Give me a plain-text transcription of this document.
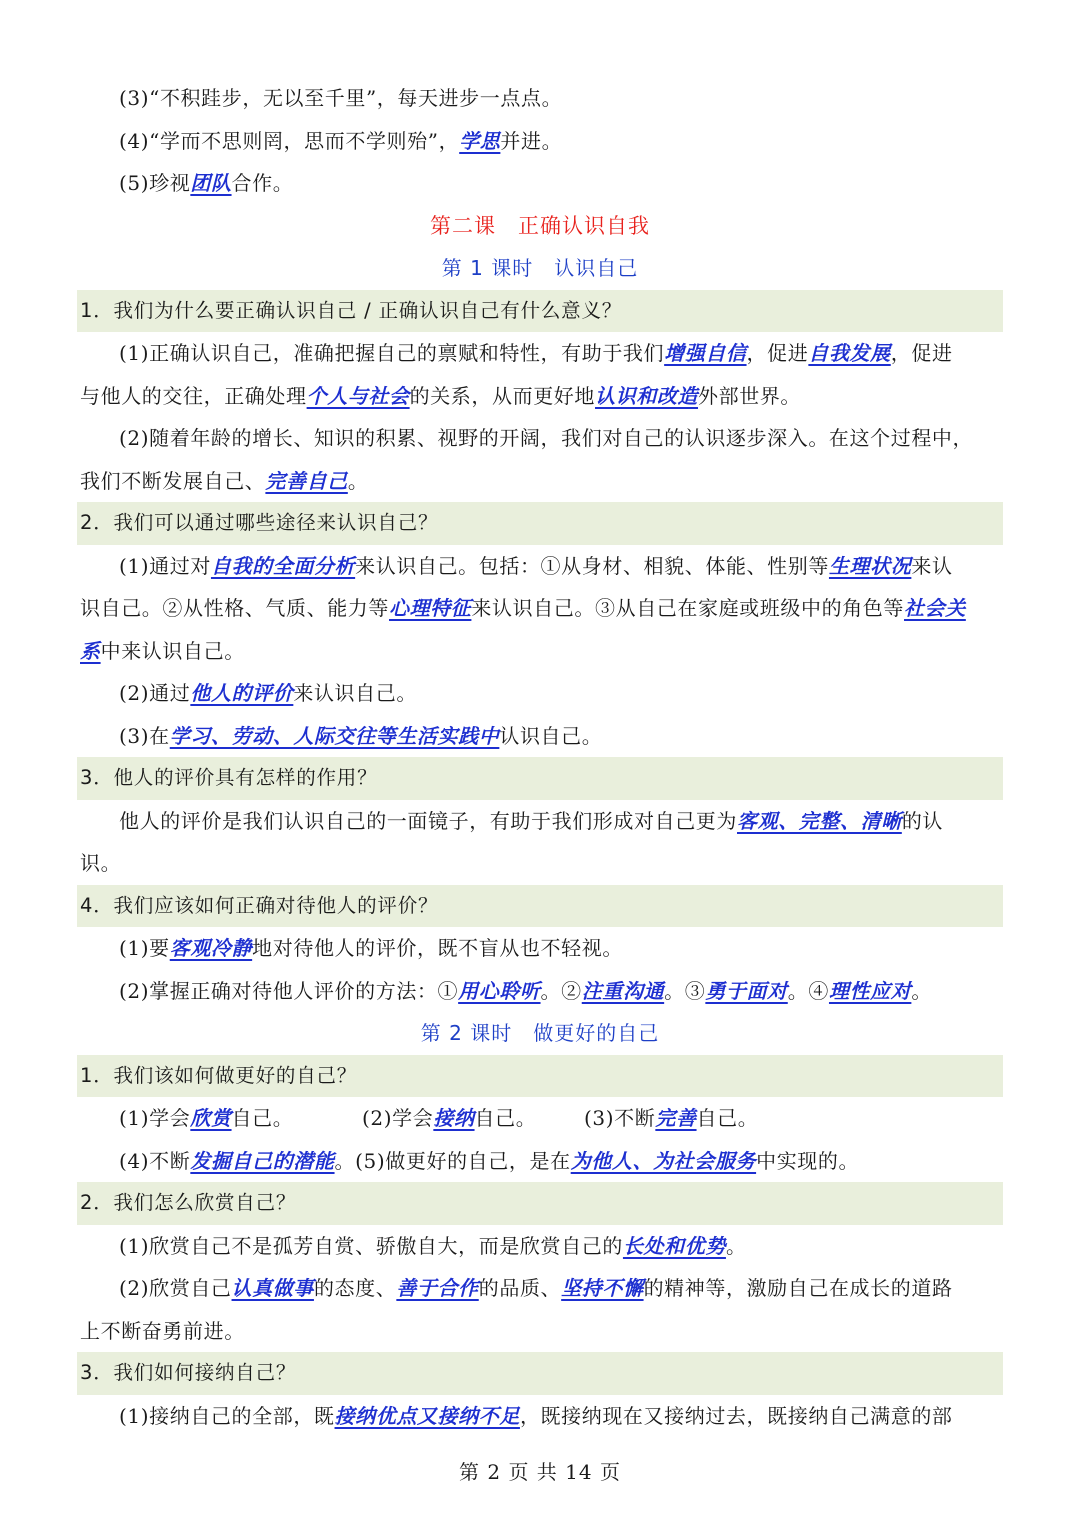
(3)“不积跬步，无以至千里”，每天进步一点点。
(4)“学而不思则罔，思而不学则殆”，学思并进。
(5)珍视团队合作。
第二课　正确认识自我
第 1 课时　认识自己
1．我们为什么要正确认识自己 / 正确认识自己有什么意义？
(1)正确认识自己，准确把握自己的禀赋和特性，有助于我们增强自信，促进自我发展，促进
与他人的交往，正确处理个人与社会的关系，从而更好地认识和改造外部世界。
(2)随着年龄的增长、知识的积累、视野的开阔，我们对自己的认识逐步深入。在这个过程中，
我们不断发展自己、完善自己。
2．我们可以通过哪些途径来认识自己？
(1)通过对自我的全面分析来认识自己。包括：①从身材、相貌、体能、性别等生理状况来认
识自己。②从性格、气质、能力等心理特征来认识自己。③从自己在家庭或班级中的角色等社会关
系中来认识自己。
(2)通过他人的评价来认识自己。
(3)在学习、劳动、人际交往等生活实践中认识自己。
3．他人的评价具有怎样的作用？
他人的评价是我们认识自己的一面镜子，有助于我们形成对自己更为客观、完整、清晰的认
识。
4．我们应该如何正确对待他人的评价？
(1)要客观冷静地对待他人的评价，既不盲从也不轻视。
(2)掌握正确对待他人评价的方法：①用心聆听。②注重沟通。③勇于面对。④理性应对。
第 2 课时　做更好的自己
1．我们该如何做更好的自己？
(1)学会欣赏自己。	(2)学会接纳自己。 (3)不断完善自己。
(4)不断发掘自己的潜能。(5)做更好的自己，是在为他人、为社会服务中实现的。
2．我们怎么欣赏自己？
(1)欣赏自己不是孤芳自赏、骄傲自大，而是欣赏自己的长处和优势。
(2)欣赏自己认真做事的态度、善于合作的品质、坚持不懈的精神等，激励自己在成长的道路
上不断奋勇前进。
3．我们如何接纳自己？
(1)接纳自己的全部，既接纳优点又接纳不足，既接纳现在又接纳过去，既接纳自己满意的部
第 2 页 共 14 页
